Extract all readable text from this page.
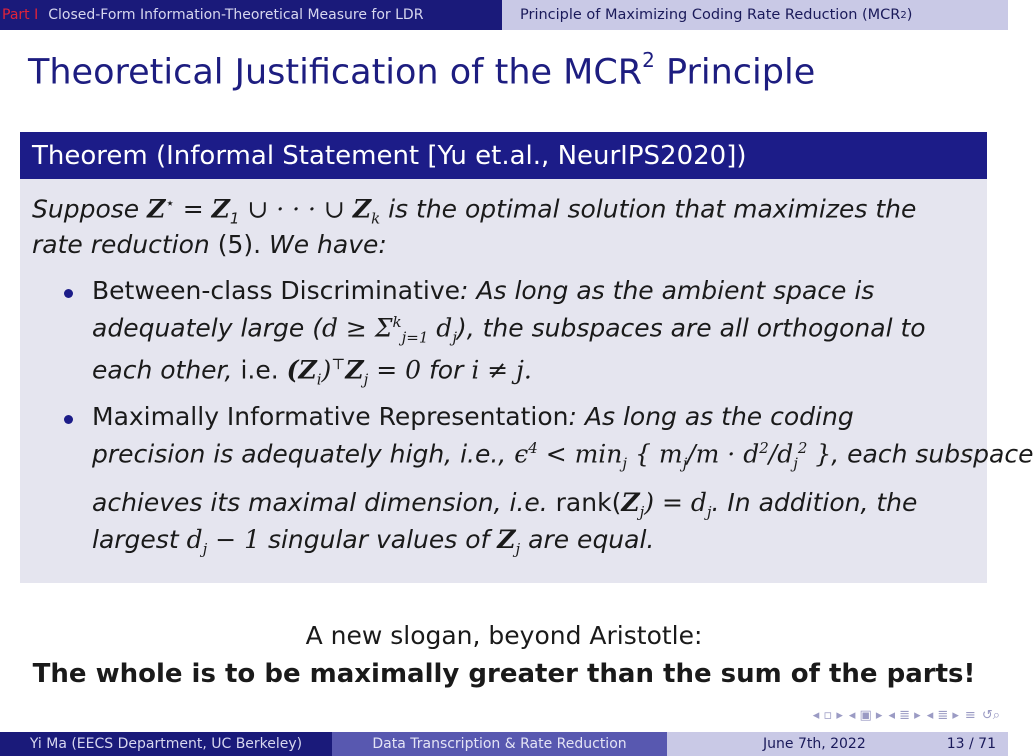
Part I Closed-Form Information-Theoretical Measure for LDR	Principle of Maximizing Coding Rate Reduction (MCR 2 )
Theoretical Justification of the MCR$^2$ Principle
Theorem (Informal Statement [Yu et.al., NeurIPS2020])
Suppose $Z^⋆ = Z_1$ ∪ · · · ∪ $Z_k$ is the optimal solution that maximizes the
rate reduction (5). We have:
Between-class Discriminative: As long as the ambient space is
adequately large ($d \ge \Sigma^k_{j=1}$ $d_j$), the subspaces are all orthogonal to
each other, i.e. $(Z_i)^⊤Z_j = 0$ for i ≠ j.
Maximally Informative Representation: As long as the coding
precision is adequately high, i.e., $\epsilon^4 < \min_j$ { $m_j/m \cdot d^2/d_j^2$ }, each subspace
achieves its maximal dimension, i.e. $rank(Z_j) = d_j$. In addition, the
largest $d_j - 1$ singular values of $Z_j$ are equal.
A new slogan, beyond Aristotle:
The whole is to be maximally greater than the sum of the parts!
◂ ▫ ▸ ◂ ▣ ▸ ◂ ≣ ▸ ◂ ≣ ▸ ≡ ↺⌕
Yi Ma (EECS Department, UC Berkeley)	Data Transcription & Rate Reduction	June 7th, 2022	13 / 71
